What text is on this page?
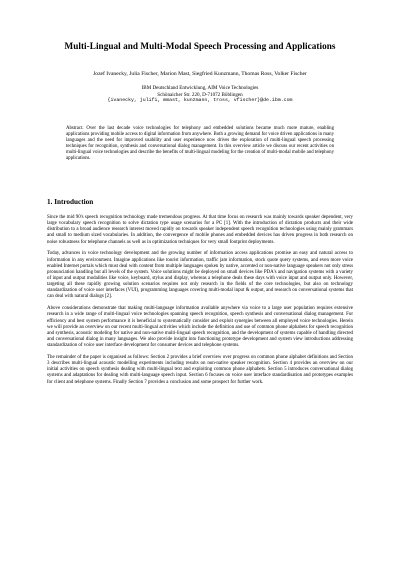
Multi-Lingual and Multi-Modal Speech Processing and Applications
Jozef Ivanecky, Julia Fischer, Marion Mast, Siegfried Kunzmann, Thomas Ross, Volker Fischer
IBM Deutschland Entwicklung, AIM Voice Technologies
Schönaicher Str. 220, D-71072 Böblingen
{ivanecky, julifi, mmast, kunzmann, tross, vfischer}@de.ibm.com
Abstract. Over the last decade voice technologies for telephony and embedded solutions became much more mature, enabling applications providing mobile access to digital information from anywhere. Both a growing demand for voice driven applications in many languages and the need for improved usability and user experience now drives the exploration of multi-lingual speech processing techniques for recognition, synthesis and conversational dialog management. In this overview article we discuss our recent activities on multi-lingual voice technologies and describe the benefits of multi-lingual modeling for the creation of multi-modal mobile and telephony applications.
1. Introduction

Since the mid 90's speech recognition technology made tremendous progress. At that time focus on research was mainly towards speaker dependent, very large vocabulary speech recognition to solve dictation type usage scenarios for a PC [1]. With the introduction of dictation products and their wide distribution to a broad audience research interest moved rapidly on towards speaker independent speech recognition technologies using mainly grammars and small to medium sized vocabularies. In addition, the convergence of mobile phones and embedded devices has driven progress in both research on noise robustness for telephone channels as well as in optimization techniques for very small footprint deployments.

Today, advances in voice technology development and the growing number of information access applications promise an easy and natural access to information in any environment. Imagine applications like tourist information, traffic jam information, stock quote query systems, and even more voice enabled Internet portals which must deal with content from multiple languages spoken by native, accented or non-native language speakers not only stress pronunciation handling but all levels of the system. Voice solutions might be deployed on small devices like PDA's and navigation systems with a variety of input and output modalities like voice, keyboard, stylus and display, whereas a telephone deals these days with voice input and output only. However, targeting all these rapidly growing solution scenarios requires not only research in the fields of the core technologies, but also on technology standardization of voice user interfaces (VUI), programming languages covering multi-modal input & output, and research on conversational systems that can deal with natural dialogs [2].

Above considerations demonstrate that making multi-language information available anywhere via voice to a large user population requires extensive research in a wide range of multi-lingual voice technologies spanning speech recognition, speech synthesis and conversational dialog management. For efficiency and best system performance it is beneficial to systematically consider and exploit synergies between all employed voice technologies. Herein we will provide an overview on our recent multi-lingual activities which include the definition and use of common phone alphabets for speech recognition and synthesis, acoustic modeling for native and non-native multi-lingual speech recognition, and the development of systems capable of handling directed and conversational dialog in many languages. We also provide insight into functioning prototype development and system view introductions addressing standardization of voice user interface development for consumer devices and telephone systems.

The remainder of the paper is organised as follows: Section 2 provides a brief overview over progress on common phone alphabet definitions and Section 3 describes multi-lingual acoustic modelling experiments including results on non-native speaker recognition. Section 4 provides an overview on our initial activities on speech synthesis dealing with multi-lingual text and exploiting common phone alphabets. Section 5 introduces conversational dialog systems and adaptations for dealing with multi-language speech input. Section 6 focuses on voice user interface standardisation and prototypes examples for client and telephone systems. Finally Section 7 provides a conclusion and some prospect for further work.
